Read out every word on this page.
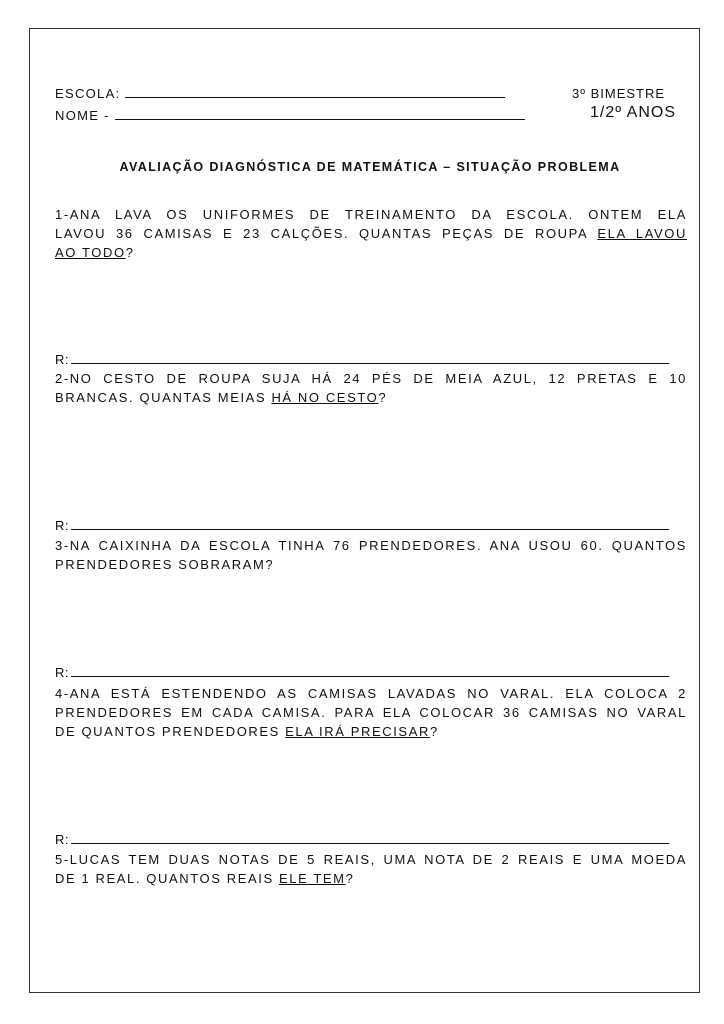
ESCOLA:	3º BIMESTRE
NOME -	1/2º ANOS
AVALIAÇÃO DIAGNÓSTICA DE MATEMÁTICA – SITUAÇÃO PROBLEMA
1-ANA LAVA OS UNIFORMES DE TREINAMENTO DA ESCOLA. ONTEM ELA
LAVOU 36 CAMISAS E 23 CALÇÕES. QUANTAS PEÇAS DE ROUPA ELA LAVOU
AO TODO?
R:
2-NO CESTO DE ROUPA SUJA HÁ 24 PÉS DE MEIA AZUL, 12 PRETAS E 10
BRANCAS. QUANTAS MEIAS HÁ NO CESTO?
R:
3-NA CAIXINHA DA ESCOLA TINHA 76 PRENDEDORES. ANA USOU 60. QUANTOS
PRENDEDORES SOBRARAM?
R:
4-ANA ESTÁ ESTENDENDO AS CAMISAS LAVADAS NO VARAL. ELA COLOCA 2
PRENDEDORES EM CADA CAMISA. PARA ELA COLOCAR 36 CAMISAS NO VARAL
DE QUANTOS PRENDEDORES ELA IRÁ PRECISAR?
R:
5-LUCAS TEM DUAS NOTAS DE 5 REAIS, UMA NOTA DE 2 REAIS E UMA MOEDA
DE 1 REAL. QUANTOS REAIS ELE TEM?
